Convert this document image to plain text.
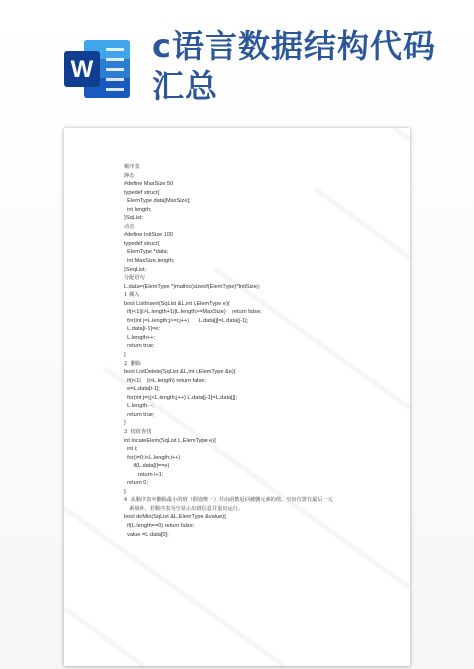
W
c语言数据结构代码汇总
顺序表
静态
#define MaxSize 50
typedef struct{
ElemType data[MaxSize];
int length;
}SqList;
动态
#define InitSize 100
typedef struct{
ElemType *data;
int MaxSize,length;
}SeqList;
分配语句
L.data=(ElemType *)malloc(sizeof(ElemType)*InitSize);
1 插入
bool ListInsert(SqList &L,int i,ElemType e){
if(i<1||i>L.length+1||L.length>=MaxSize)    return false;
for(int j=L.length;j>=i;j++)      L.data[j]=L.data[j-1];
L.data[i-1]=e;
L.length++;
return true;
}
2  删除
bool ListDelete(SqList &L,int i,ElemType &e){
if(i<1|    |i>L.length) return false;
e=L.data[i-1];
for(int j=i;j<L.length;j++) L.data[j-1]=L.data[j];
L.length- -;
return true;
}
3  按值查找
int locateElem(SqList L,ElemType e){
int i;
for(i=0;i<L.length;i++)
if(L.data[i]==e)
return i+1;
return 0;
}
4  从顺序表中删除最小的值（假设唯一）并由函数返回被删元素的值。空出位置有最后一元
素填补，若顺序表为空显示出错信息并退出运行。
bool deMin(SqList &L,ElemType &value){
if(L.length==0) return false;
value =L.data[0];
